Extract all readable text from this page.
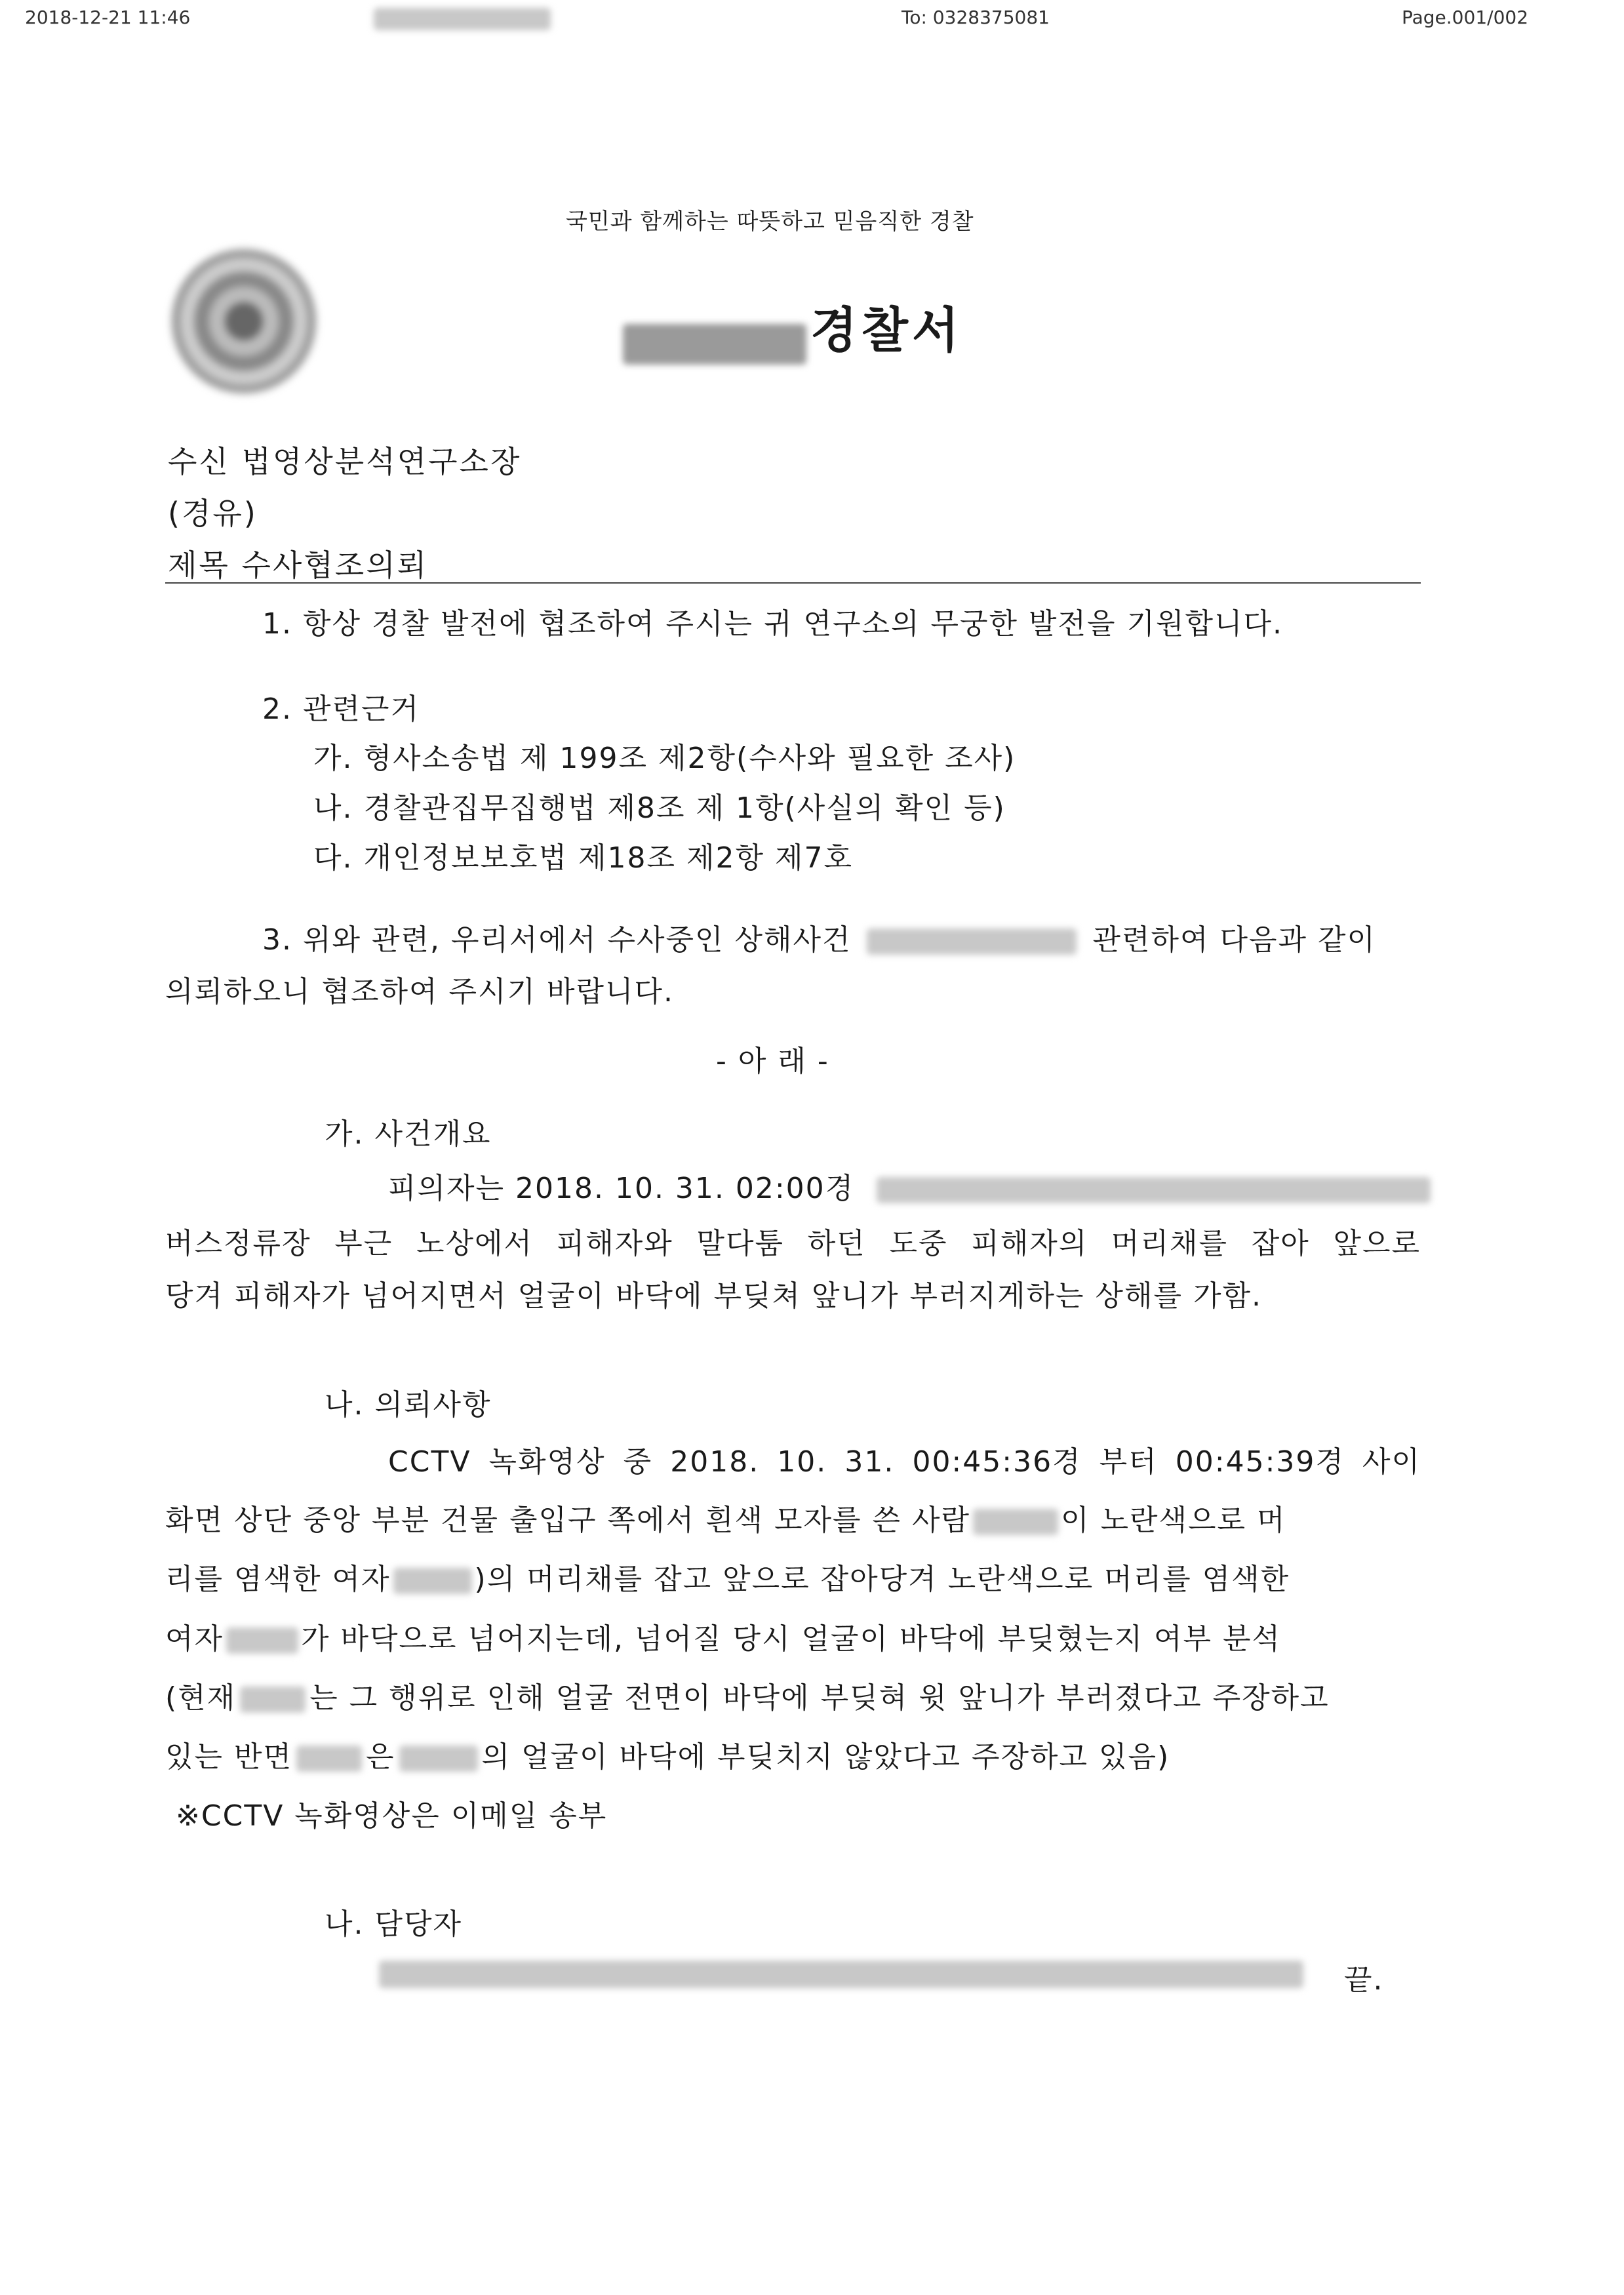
2018-12-21 11:46	To: 0328375081	Page.001/002
국민과 함께하는 따뜻하고 믿음직한 경찰
경찰서
수신 법영상분석연구소장
(경유)
제목 수사협조의뢰
1. 항상 경찰 발전에 협조하여 주시는 귀 연구소의 무궁한 발전을 기원합니다.
2. 관련근거
가. 형사소송법 제 199조 제2항(수사와 필요한 조사)
나. 경찰관집무집행법 제8조 제 1항(사실의 확인 등)
다. 개인정보보호법 제18조 제2항 제7호
3. 위와 관련, 우리서에서 수사중인 상해사건	관련하여 다음과 같이
의뢰하오니 협조하여 주시기 바랍니다.
- 아 래 -
가. 사건개요
피의자는 2018. 10. 31. 02:00경
버스정류장 부근 노상에서 피해자와 말다툼 하던 도중 피해자의 머리채를 잡아 앞으로
당겨 피해자가 넘어지면서 얼굴이 바닥에 부딪쳐 앞니가 부러지게하는 상해를 가함.
나. 의뢰사항
CCTV 녹화영상 중 2018. 10. 31. 00:45:36경 부터 00:45:39경 사이
화면 상단 중앙 부분 건물 출입구 쪽에서 흰색 모자를 쓴 사람	이 노란색으로 머
리를 염색한 여자	)의 머리채를 잡고 앞으로 잡아당겨 노란색으로 머리를 염색한
여자	가 바닥으로 넘어지는데, 넘어질 당시 얼굴이 바닥에 부딪혔는지 여부 분석
(현재	는 그 행위로 인해 얼굴 전면이 바닥에 부딪혀 윗 앞니가 부러졌다고 주장하고
있는 반면	은	의 얼굴이 바닥에 부딪치지 않았다고 주장하고 있음)
※CCTV 녹화영상은 이메일 송부
나. 담당자
끝.
